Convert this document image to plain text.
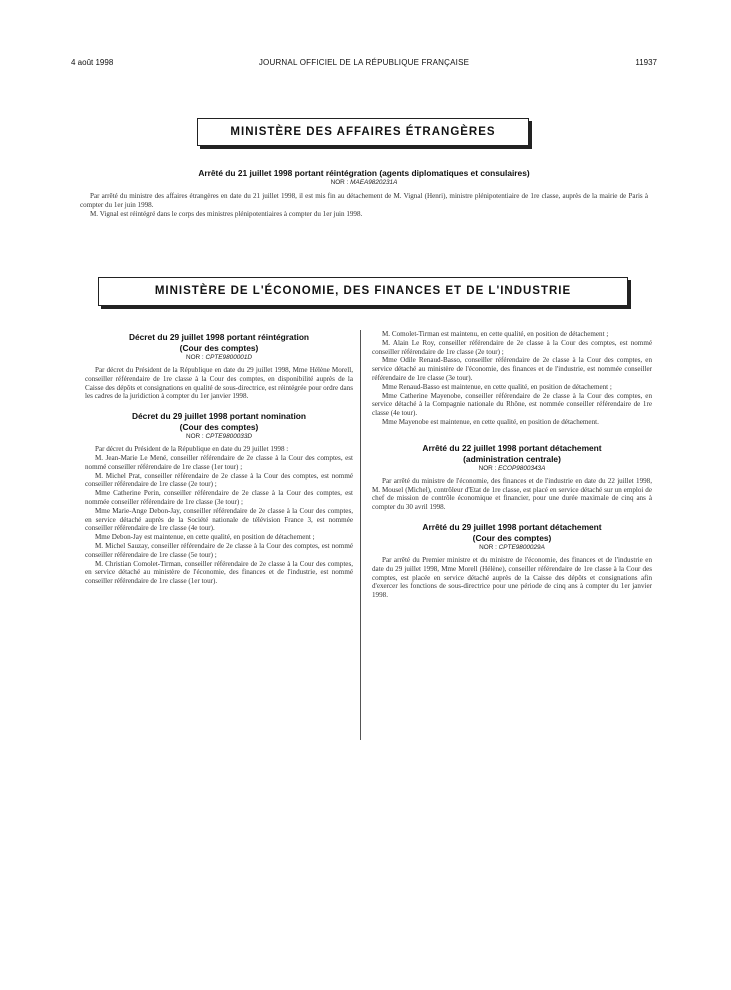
4 août 1998	JOURNAL OFFICIEL DE LA RÉPUBLIQUE FRANÇAISE	11937
MINISTÈRE DES AFFAIRES ÉTRANGÈRES
Arrêté du 21 juillet 1998 portant réintégration (agents diplomatiques et consulaires)
NOR : MAEA9820231A

Par arrêté du ministre des affaires étrangères en date du 21 juillet 1998, il est mis fin au détachement de M. Vignal (Henri), ministre plénipotentiaire de 1re classe, auprès de la mairie de Paris à compter du 1er juin 1998.

M. Vignal est réintégré dans le corps des ministres plénipotentiaires à compter du 1er juin 1998.

MINISTÈRE DE L'ÉCONOMIE, DES FINANCES ET DE L'INDUSTRIE
Décret du 29 juillet 1998 portant réintégration
(Cour des comptes)
NOR : CPTE9800001D

Par décret du Président de la République en date du 29 juillet 1998, Mme Hélène Morell, conseiller référendaire de 1re classe à la Cour des comptes, en disponibilité auprès de la Caisse des dépôts et consignations en qualité de sous-directrice, est réintégrée pour ordre dans les cadres de la juridiction à compter du 1er janvier 1998.

Décret du 29 juillet 1998 portant nomination
(Cour des comptes)
NOR : CPTE9800033D

Par décret du Président de la République en date du 29 juillet 1998 :

M. Jean-Marie Le Mené, conseiller référendaire de 2e classe à la Cour des comptes, est nommé conseiller référendaire de 1re classe (1er tour) ;

M. Michel Prat, conseiller référendaire de 2e classe à la Cour des comptes, est nommé conseiller référendaire de 1re classe (2e tour) ;

Mme Catherine Perin, conseiller référendaire de 2e classe à la Cour des comptes, est nommée conseiller référendaire de 1re classe (3e tour) ;

Mme Marie-Ange Debon-Jay, conseiller référendaire de 2e classe à la Cour des comptes, en service détaché auprès de la Société nationale de télévision France 3, est nommée conseiller référendaire de 1re classe (4e tour).

Mme Debon-Jay est maintenue, en cette qualité, en position de détachement ;

M. Michel Sauzay, conseiller référendaire de 2e classe à la Cour des comptes, est nommé conseiller référendaire de 1re classe (5e tour) ;

M. Christian Comolet-Tirman, conseiller référendaire de 2e classe à la Cour des comptes, en service détaché au ministère de l'économie, des finances et de l'industrie, est nommé conseiller référendaire de 1re classe (1er tour).

M. Comolet-Tirman est maintenu, en cette qualité, en position de détachement ;

M. Alain Le Roy, conseiller référendaire de 2e classe à la Cour des comptes, est nommé conseiller référendaire de 1re classe (2e tour) ;

Mme Odile Renaud-Basso, conseiller référendaire de 2e classe à la Cour des comptes, en service détaché au ministère de l'économie, des finances et de l'industrie, est nommée conseiller référendaire de 1re classe (3e tour).

Mme Renaud-Basso est maintenue, en cette qualité, en position de détachement ;

Mme Catherine Mayenobe, conseiller référendaire de 2e classe à la Cour des comptes, en service détaché à la Compagnie nationale du Rhône, est nommée conseiller référendaire de 1re classe (4e tour).

Mme Mayenobe est maintenue, en cette qualité, en position de détachement.

Arrêté du 22 juillet 1998 portant détachement
(administration centrale)
NOR : ECOP9800343A

Par arrêté du ministre de l'économie, des finances et de l'industrie en date du 22 juillet 1998, M. Mousel (Michel), contrôleur d'Etat de 1re classe, est placé en service détaché sur un emploi de chef de mission de contrôle économique et financier, pour une durée maximale de cinq ans à compter du 30 avril 1998.

Arrêté du 29 juillet 1998 portant détachement
(Cour des comptes)
NOR : CPTE9800029A

Par arrêté du Premier ministre et du ministre de l'économie, des finances et de l'industrie en date du 29 juillet 1998, Mme Morell (Hélène), conseiller référendaire de 1re classe à la Cour des comptes, est placée en service détaché auprès de la Caisse des dépôts et consignations afin d'exercer les fonctions de sous-directrice pour une période de cinq ans à compter du 1er janvier 1998.
